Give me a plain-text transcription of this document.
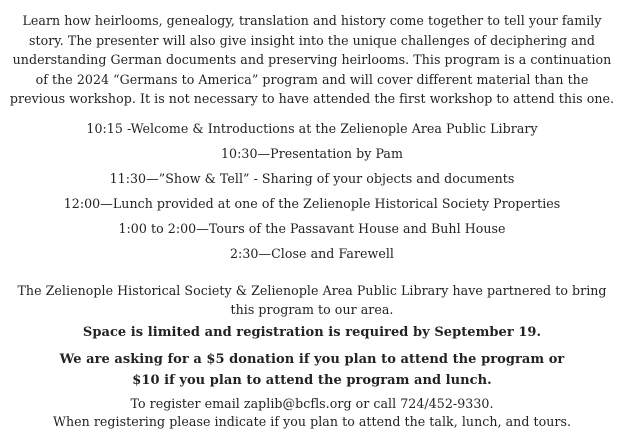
Learn how heirlooms, genealogy, translation and history come together to tell your family
story. The presenter will also give insight into the unique challenges of deciphering and
understanding German documents and preserving heirlooms. This program is a continuation
of the 2024 “Germans to America” program and will cover different material than the
previous workshop. It is not necessary to have attended the first workshop to attend this one.

10:15 -Welcome & Introductions at the Zelienople Area Public Library
10:30—Presentation by Pam
11:30—”Show & Tell” - Sharing of your objects and documents
12:00—Lunch provided at one of the Zelienople Historical Society Properties
1:00 to 2:00—Tours of the Passavant House and Buhl House
2:30—Close and Farewell

The Zelienople Historical Society & Zelienople Area Public Library have partnered to bring
this program to our area.

Space is limited and registration is required by September 19.

We are asking for a $5 donation if you plan to attend the program or
$10 if you plan to attend the program and lunch.

To register email zaplib@bcfls.org or call 724/452-9330.
When registering please indicate if you plan to attend the talk, lunch, and tours.
